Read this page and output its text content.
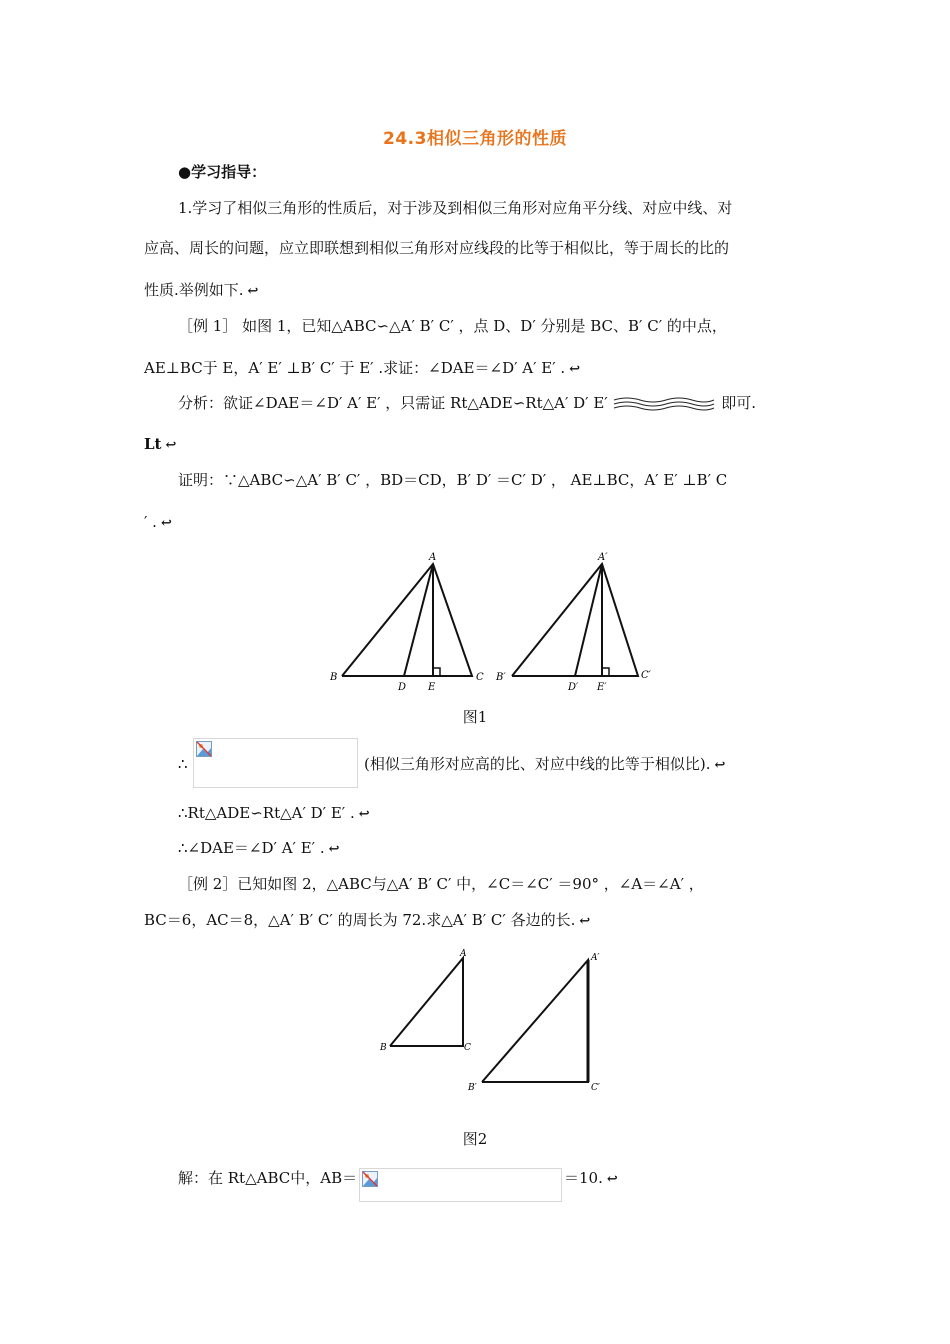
24.3相似三角形的性质
●学习指导：
1.学习了相似三角形的性质后，对于涉及到相似三角形对应角平分线、对应中线、对
应高、周长的问题，应立即联想到相似三角形对应线段的比等于相似比，等于周长的比的
性质.举例如下. ↩
［例 1］ 如图 1，已知△ABC∽△A′ B′ C′ ，点 D、D′ 分别是 BC、B′ C′ 的中点，
AE⊥BC于 E，A′ E′ ⊥B′ C′ 于 E′ .求证：∠DAE＝∠D′ A′ E′ . ↩
分析：欲证∠DAE＝∠D′ A′ E′ ，只需证 Rt△ADE∽Rt△A′ D′ E′	即可.
Lt ↩
证明：∵△ABC∽△A′ B′ C′ ，BD＝CD，B′ D′ ＝C′ D′ ， AE⊥BC，A′ E′ ⊥B′ C
′ . ↩
B
A
C
D E
B′
A′
C′
D′ E′
图1
∴	(相似三角形对应高的比、对应中线的比等于相似比). ↩
∴Rt△ADE∽Rt△A′ D′ E′ . ↩
∴∠DAE＝∠D′ A′ E′ . ↩
［例 2］已知如图 2，△ABC与△A′ B′ C′ 中，∠C＝∠C′ ＝90° ，∠A＝∠A′ ，
BC＝6，AC＝8，△A′ B′ C′ 的周长为 72.求△A′ B′ C′ 各边的长. ↩
B
A
C
B′
A′
C′
图2
解：在 Rt△ABC中，AB＝	＝10. ↩
